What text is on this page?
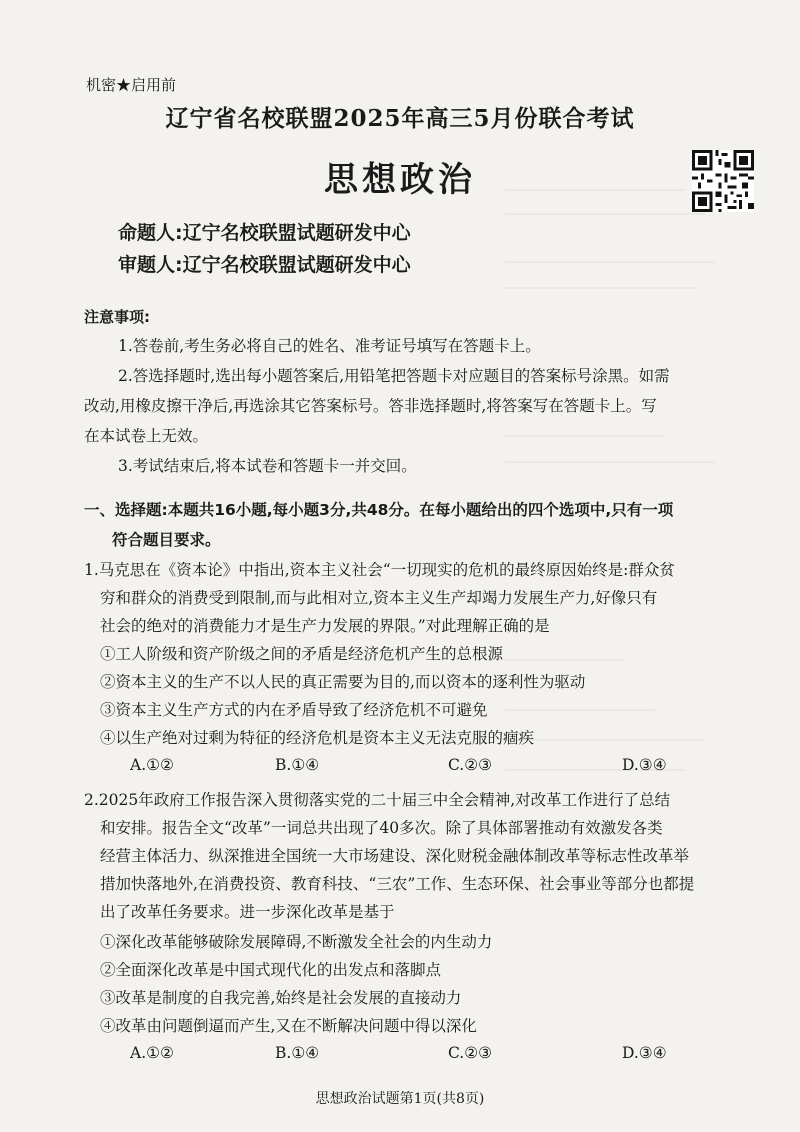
机密★启用前
辽宁省名校联盟2025年高三5月份联合考试
思想政治
命题人:辽宁名校联盟试题研发中心
审题人:辽宁名校联盟试题研发中心
注意事项:
1.答卷前,考生务必将自己的姓名、准考证号填写在答题卡上。
2.答选择题时,选出每小题答案后,用铅笔把答题卡对应题目的答案标号涂黑。如需
改动,用橡皮擦干净后,再选涂其它答案标号。答非选择题时,将答案写在答题卡上。写
在本试卷上无效。
3.考试结束后,将本试卷和答题卡一并交回。
一、选择题:本题共16小题,每小题3分,共48分。在每小题给出的四个选项中,只有一项
符合题目要求。
1.马克思在《资本论》中指出,资本主义社会“一切现实的危机的最终原因始终是:群众贫
穷和群众的消费受到限制,而与此相对立,资本主义生产却竭力发展生产力,好像只有
社会的绝对的消费能力才是生产力发展的界限。”对此理解正确的是
①工人阶级和资产阶级之间的矛盾是经济危机产生的总根源
②资本主义的生产不以人民的真正需要为目的,而以资本的逐利性为驱动
③资本主义生产方式的内在矛盾导致了经济危机不可避免
④以生产绝对过剩为特征的经济危机是资本主义无法克服的痼疾
A.①②	B.①④	C.②③	D.③④
2.2025年政府工作报告深入贯彻落实党的二十届三中全会精神,对改革工作进行了总结
和安排。报告全文“改革”一词总共出现了40多次。除了具体部署推动有效激发各类
经营主体活力、纵深推进全国统一大市场建设、深化财税金融体制改革等标志性改革举
措加快落地外,在消费投资、教育科技、“三农”工作、生态环保、社会事业等部分也都提
出了改革任务要求。进一步深化改革是基于
①深化改革能够破除发展障碍,不断激发全社会的内生动力
②全面深化改革是中国式现代化的出发点和落脚点
③改革是制度的自我完善,始终是社会发展的直接动力
④改革由问题倒逼而产生,又在不断解决问题中得以深化
A.①②	B.①④	C.②③	D.③④
思想政治试题第1页(共8页)
